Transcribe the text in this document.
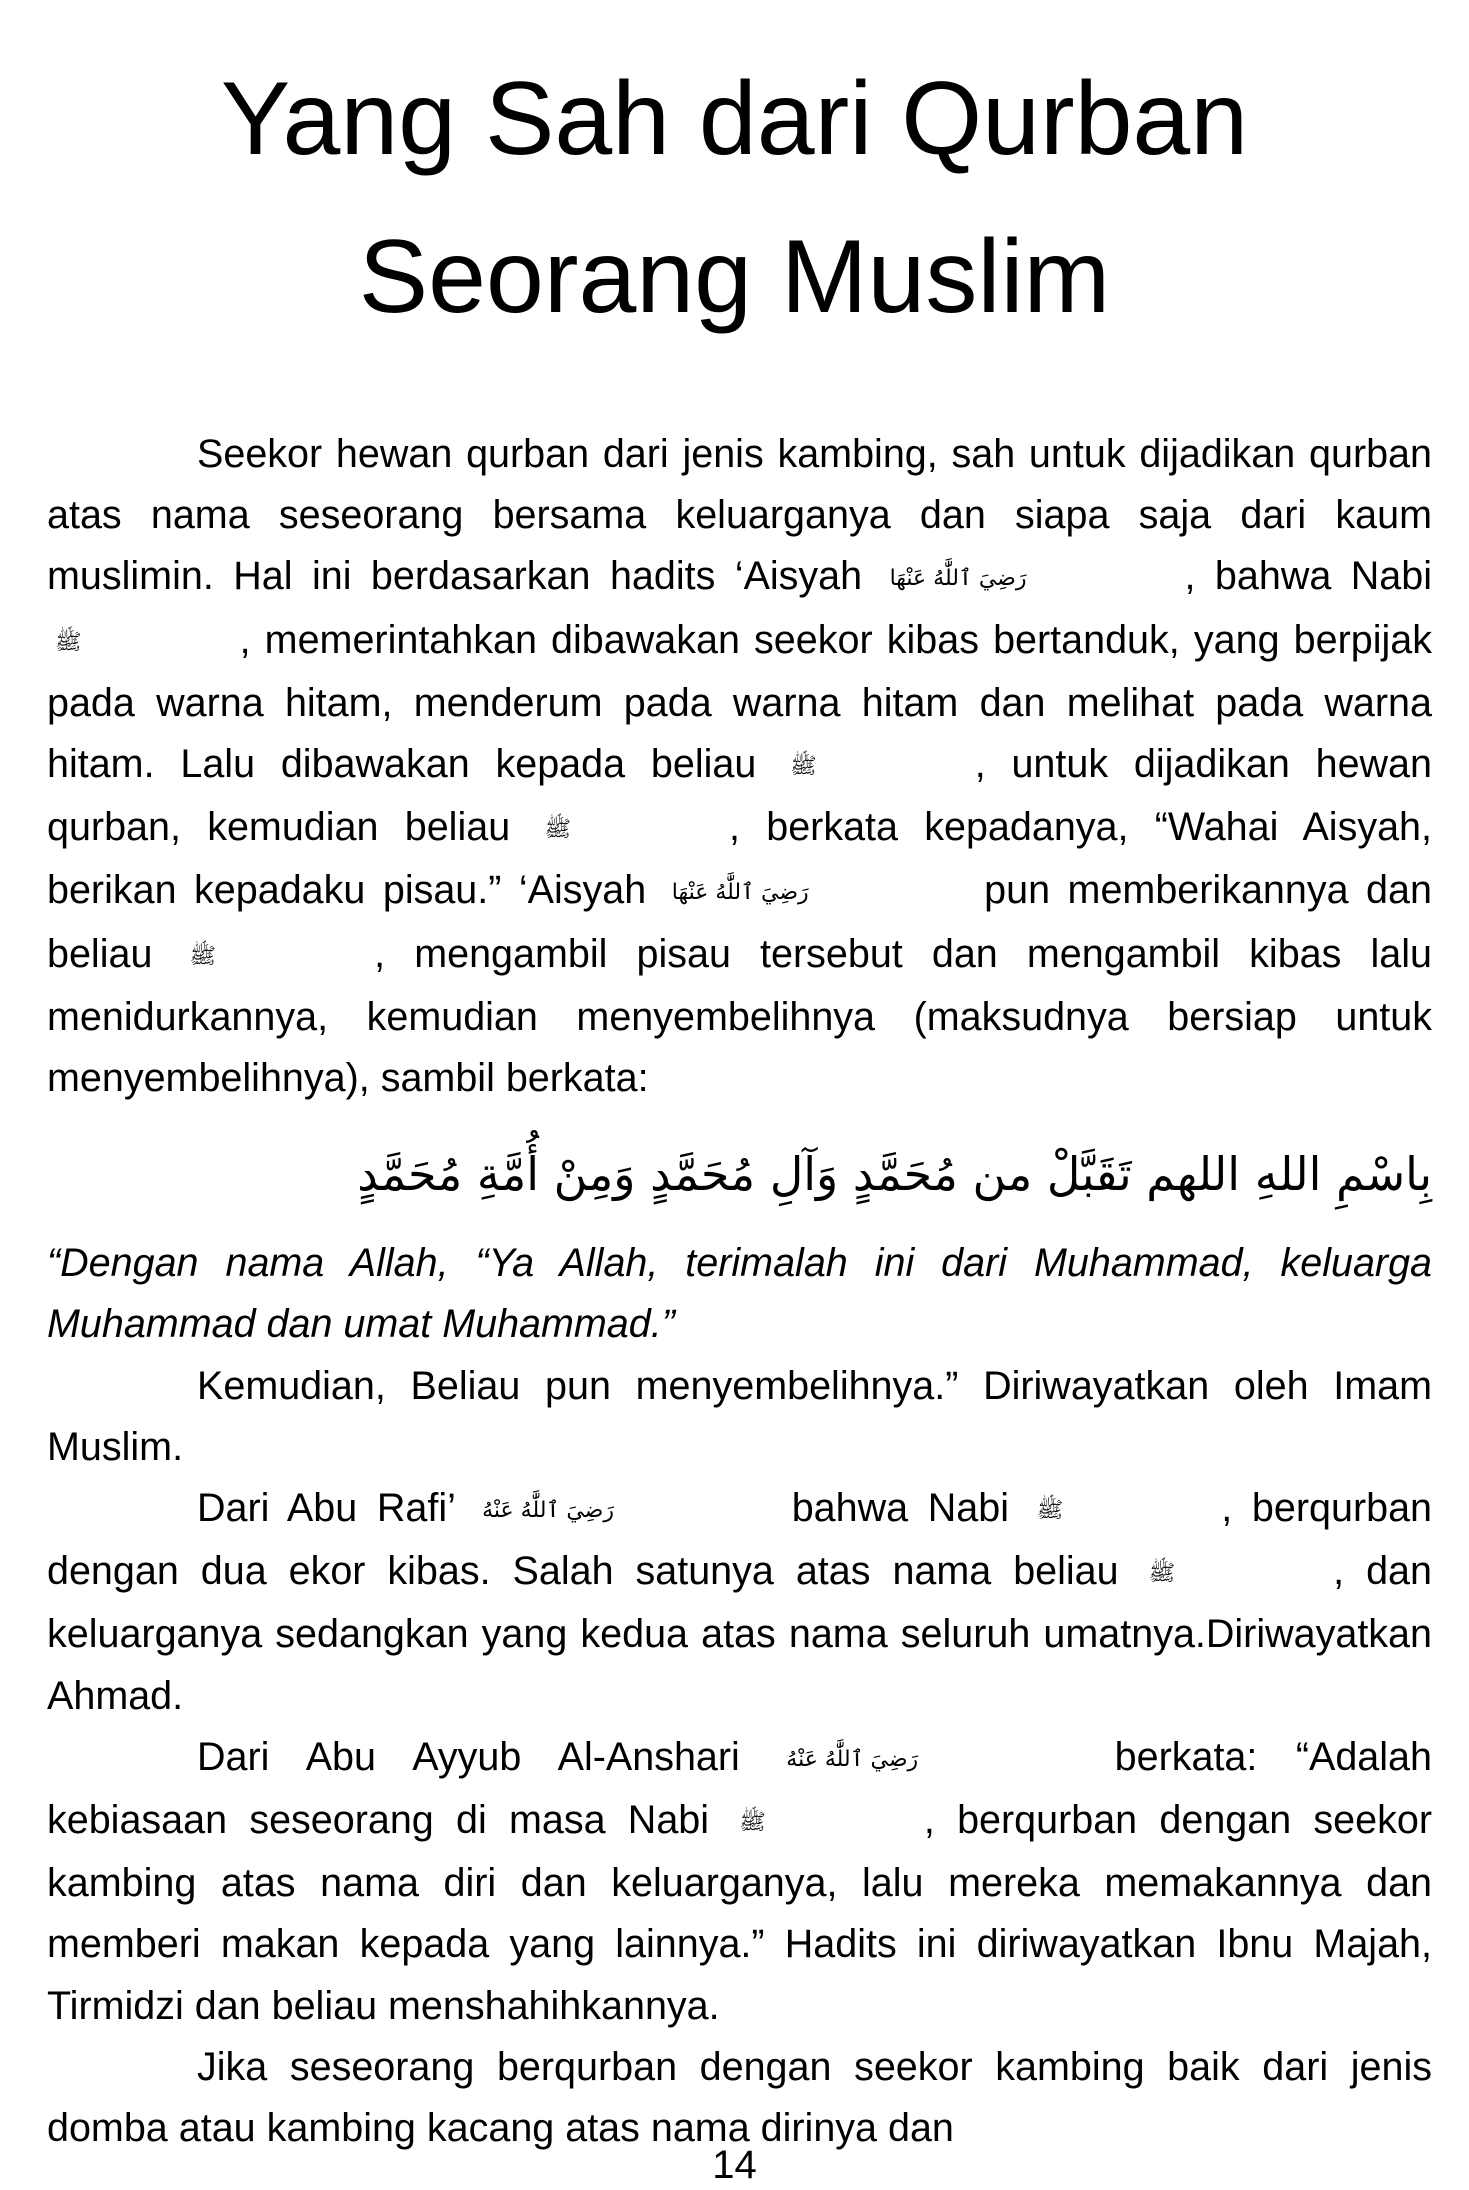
Yang Sah dari Qurban
Seorang Muslim

Seekor hewan qurban dari jenis kambing, sah untuk dijadikan qurban atas nama seseorang bersama keluarganya dan siapa saja dari kaum muslimin. Hal ini berdasarkan hadits ‘Aisyah رَضِيَ ٱللَّٰهُ عَنْهَا	, bahwa Nabi ﷺ	, memerintahkan dibawakan seekor kibas bertanduk, yang berpijak pada warna hitam, menderum pada warna hitam dan melihat pada warna hitam. Lalu dibawakan kepada beliau ﷺ	, untuk dijadikan hewan qurban, kemudian beliau ﷺ	, berkata kepadanya, “Wahai Aisyah, berikan kepadaku pisau.” ‘Aisyah رَضِيَ ٱللَّٰهُ عَنْهَا	pun memberikannya dan beliau ﷺ	, mengambil pisau tersebut dan mengambil kibas lalu menidurkannya, kemudian menyembelihnya (maksudnya bersiap untuk menyembelihnya), sambil berkata:

بِاسْمِ اللهِ اللهم تَقَبَّلْ من مُحَمَّدٍ وَآلِ مُحَمَّدٍ وَمِنْ أُمَّةِ مُحَمَّدٍ

“Dengan nama Allah, “Ya Allah, terimalah ini dari Muhammad, keluarga Muhammad dan umat Muhammad.”

Kemudian, Beliau pun menyembelihnya.” Diriwayatkan oleh Imam Muslim.

Dari Abu Rafi’ رَضِيَ ٱللَّٰهُ عَنْهُ	bahwa Nabi ﷺ	, berqurban dengan dua ekor kibas. Salah satunya atas nama beliau ﷺ	, dan keluarganya sedangkan yang kedua atas nama seluruh umatnya.Diriwayatkan Ahmad.

Dari Abu Ayyub Al-Anshari رَضِيَ ٱللَّٰهُ عَنْهُ	berkata: “Adalah kebiasaan seseorang di masa Nabi ﷺ	, berqurban dengan seekor kambing atas nama diri dan keluarganya, lalu mereka memakannya dan memberi makan kepada yang lainnya.” Hadits ini diriwayatkan Ibnu Majah, Tirmidzi dan beliau menshahihkannya.

Jika seseorang berqurban dengan seekor kambing baik dari jenis domba atau kambing kacang atas nama dirinya dan

14
